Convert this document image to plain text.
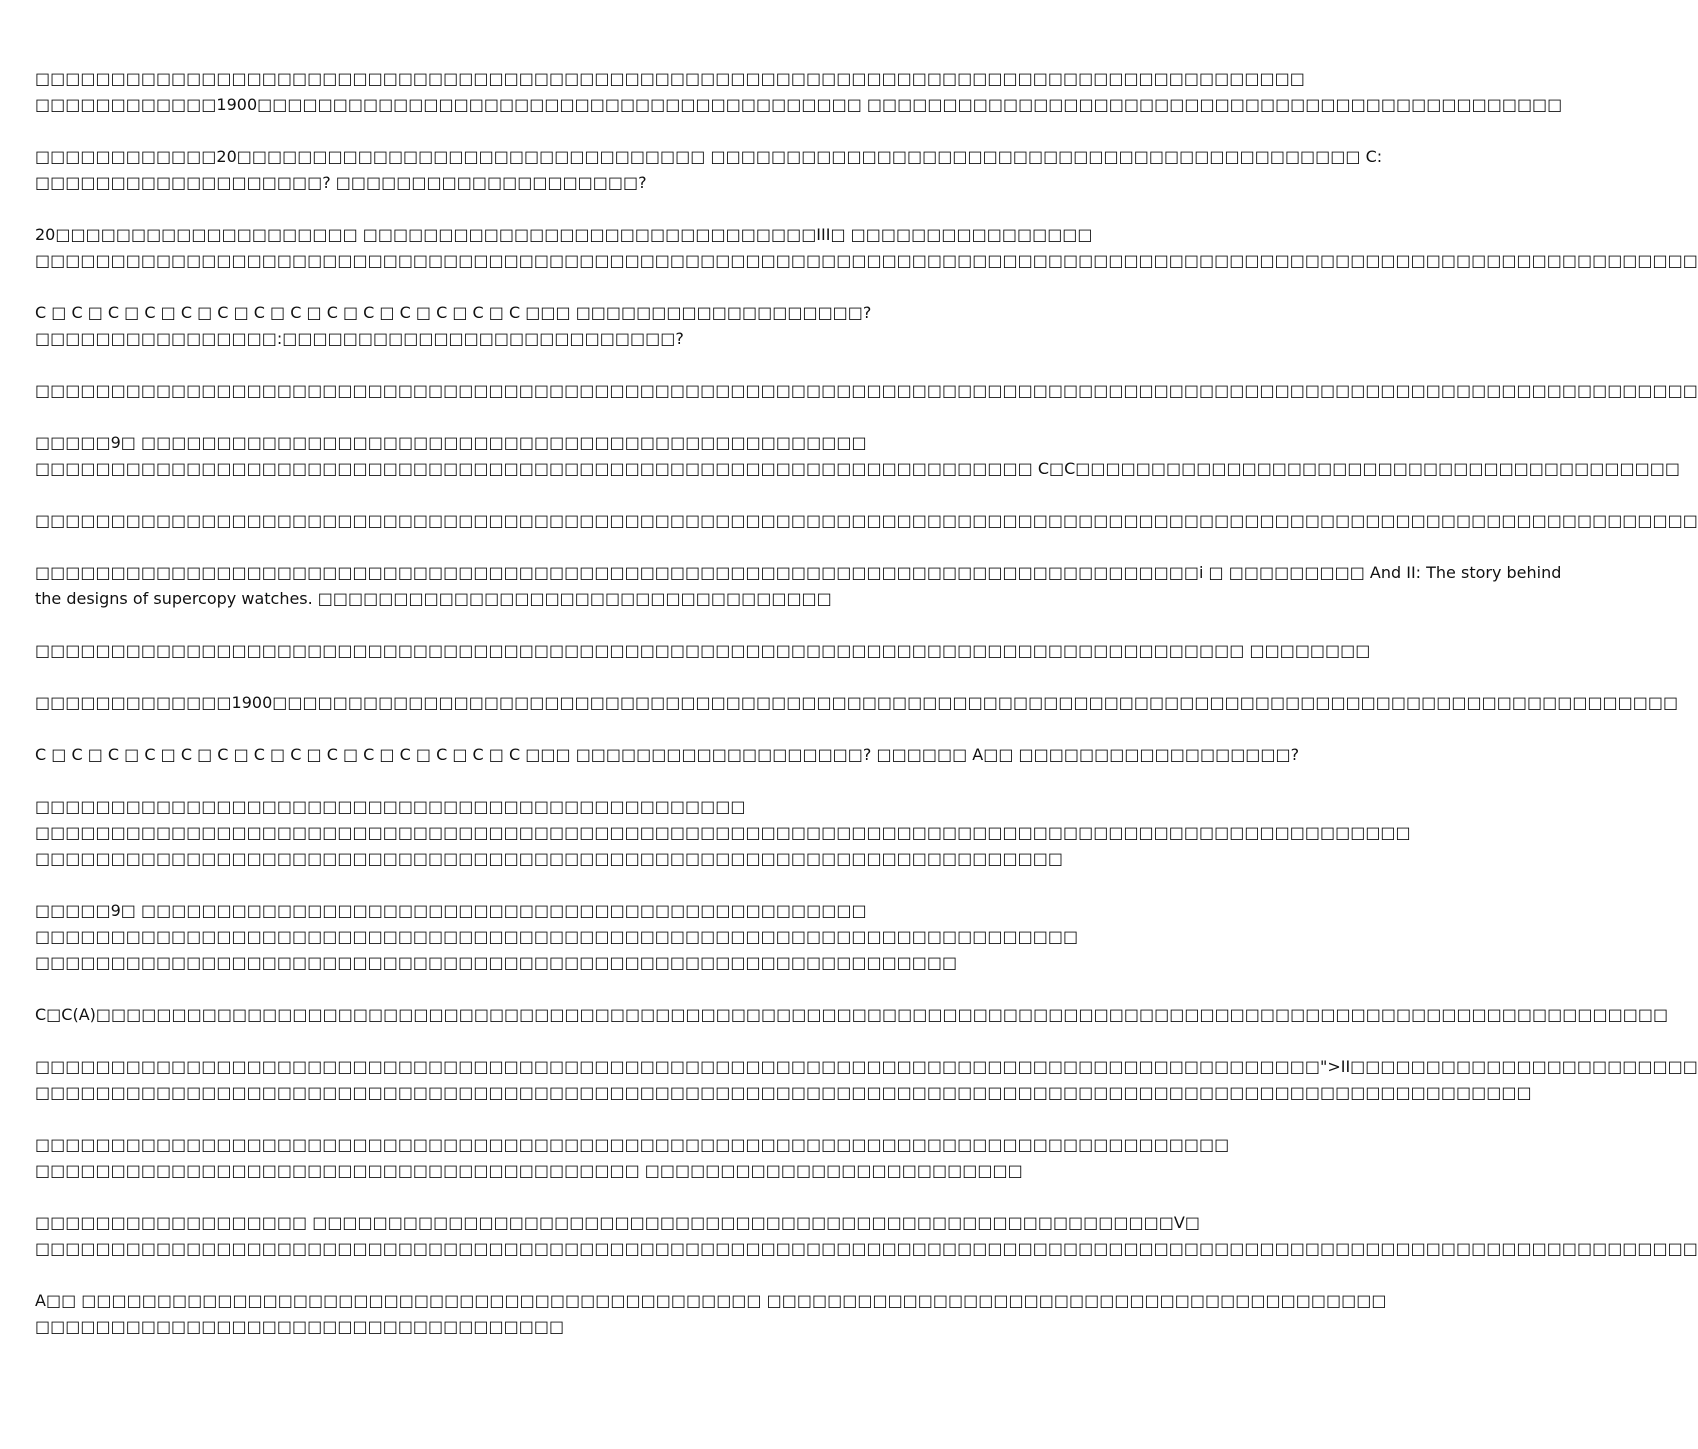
□□□□□□□□□□□□□□□□□□□□□□□□□□□□□□□□□□□□□□□□□□□□□□□□□□□□□□□□□□□□□□□□□□□□□□□□□□□□□□□□□□□□
□□□□□□□□□□□□1900□□□□□□□□□□□□□□□□□□□□□□□□□□□□□□□□□□□□□□□□ □□□□□□□□□□□□□□□□□□□□□□□□□□□□□□□□□□□□□□□□□□□□□□
□□□□□□□□□□□□20□□□□□□□□□□□□□□□□□□□□□□□□□□□□□□□ □□□□□□□□□□□□□□□□□□□□□□□□□□□□□□□□□□□□□□□□□□□ C:
□□□□□□□□□□□□□□□□□□□? □□□□□□□□□□□□□□□□□□□□?
20□□□□□□□□□□□□□□□□□□□□ □□□□□□□□□□□□□□□□□□□□□□□□□□□□□□III□ □□□□□□□□□□□□□□□□
□□□□□□□□□□□□□□□□□□□□□□□□□□□□□□□□□□□□□□□□□□□□□□□□□□□□□□□□□□□□□□□□□□□□□□□□□□□□□□□□□□□□□□□□□□□□□□□□□□□□□□□□□□□□□□
C □ C □ C □ C □ C □ C □ C □ C □ C □ C □ C □ C □ C □ C □□□ □□□□□□□□□□□□□□□□□□□?
□□□□□□□□□□□□□□□□:□□□□□□□□□□□□□□□□□□□□□□□□□□?
□□□□□□□□□□□□□□□□□□□□□□□□□□□□□□□□□□□□□□□□□□□□□□□□□□□□□□□□□□□□□□□□□□□□□□□□□□□□□□□□□□□□□□□□□□□□□□□□□□□□□□□□□□□□□□
□□□□□9□ □□□□□□□□□□□□□□□□□□□□□□□□□□□□□□□□□□□□□□□□□□□□□□□□
□□□□□□□□□□□□□□□□□□□□□□□□□□□□□□□□□□□□□□□□□□□□□□□□□□□□□□□□□□□□□□□□□□ C□C□□□□□□□□□□□□□□□□□□□□□□□□□□□□□□□□□□□□□□□□
□□□□□□□□□□□□□□□□□□□□□□□□□□□□□□□□□□□□□□□□□□□□□□□□□□□□□□□□□□□□□□□□□□□□□□□□□□□□□□□□□□□□□□□□□□□□□□□□□□□□□□□□□□□□□□
□□□□□□□□□□□□□□□□□□□□□□□□□□□□□□□□□□□□□□□□□□□□□□□□□□□□□□□□□□□□□□□□□□□□□□□□□□□□□i □ □□□□□□□□□ And II: The story behind
the designs of supercopy watches. □□□□□□□□□□□□□□□□□□□□□□□□□□□□□□□□□□
□□□□□□□□□□□□□□□□□□□□□□□□□□□□□□□□□□□□□□□□□□□□□□□□□□□□□□□□□□□□□□□□□□□□□□□□□□□□□□□□ □□□□□□□□
□□□□□□□□□□□□□1900□□□□□□□□□□□□□□□□□□□□□□□□□□□□□□□□□□□□□□□□□□□□□□□□□□□□□□□□□□□□□□□□□□□□□□□□□□□□□□□□□□□□□□□□□□□□□
C □ C □ C □ C □ C □ C □ C □ C □ C □ C □ C □ C □ C □ C □□□ □□□□□□□□□□□□□□□□□□□? □□□□□□ A□□ □□□□□□□□□□□□□□□□□□?
□□□□□□□□□□□□□□□□□□□□□□□□□□□□□□□□□□□□□□□□□□□□□□□
□□□□□□□□□□□□□□□□□□□□□□□□□□□□□□□□□□□□□□□□□□□□□□□□□□□□□□□□□□□□□□□□□□□□□□□□□□□□□□□□□□□□□□□□□□□
□□□□□□□□□□□□□□□□□□□□□□□□□□□□□□□□□□□□□□□□□□□□□□□□□□□□□□□□□□□□□□□□□□□□
□□□□□9□ □□□□□□□□□□□□□□□□□□□□□□□□□□□□□□□□□□□□□□□□□□□□□□□□
□□□□□□□□□□□□□□□□□□□□□□□□□□□□□□□□□□□□□□□□□□□□□□□□□□□□□□□□□□□□□□□□□□□□□
□□□□□□□□□□□□□□□□□□□□□□□□□□□□□□□□□□□□□□□□□□□□□□□□□□□□□□□□□□□□□
C□C(A)□□□□□□□□□□□□□□□□□□□□□□□□□□□□□□□□□□□□□□□□□□□□□□□□□□□□□□□□□□□□□□□□□□□□□□□□□□□□□□□□□□□□□□□□□□□□□□□□□□□□□□□□
□□□□□□□□□□□□□□□□□□□□□□□□□□□□□□□□□□□□□□□□□□□□□□□□□□□□□□□□□□□□□□□□□□□□□□□□□□□□□□□□□□□□□">II□□□□□□□□□□□□□□□□□□□□□□□
□□□□□□□□□□□□□□□□□□□□□□□□□□□□□□□□□□□□□□□□□□□□□□□□□□□□□□□□□□□□□□□□□□□□□□□□□□□□□□□□□□□□□□□□□□□□□□□□□□□
□□□□□□□□□□□□□□□□□□□□□□□□□□□□□□□□□□□□□□□□□□□□□□□□□□□□□□□□□□□□□□□□□□□□□□□□□□□□□□□
□□□□□□□□□□□□□□□□□□□□□□□□□□□□□□□□□□□□□□□□ □□□□□□□□□□□□□□□□□□□□□□□□□
□□□□□□□□□□□□□□□□□□ □□□□□□□□□□□□□□□□□□□□□□□□□□□□□□□□□□□□□□□□□□□□□□□□□□□□□□□□□V□
□□□□□□□□□□□□□□□□□□□□□□□□□□□□□□□□□□□□□□□□□□□□□□□□□□□□□□□□□□□□□□□□□□□□□□□□□□□□□□□□□□□□□□□□□□□□□□□□□□□□□□□□□□□□□□
A□□ □□□□□□□□□□□□□□□□□□□□□□□□□□□□□□□□□□□□□□□□□□□□□ □□□□□□□□□□□□□□□□□□□□□□□□□□□□□□□□□□□□□□□□□
□□□□□□□□□□□□□□□□□□□□□□□□□□□□□□□□□□□
